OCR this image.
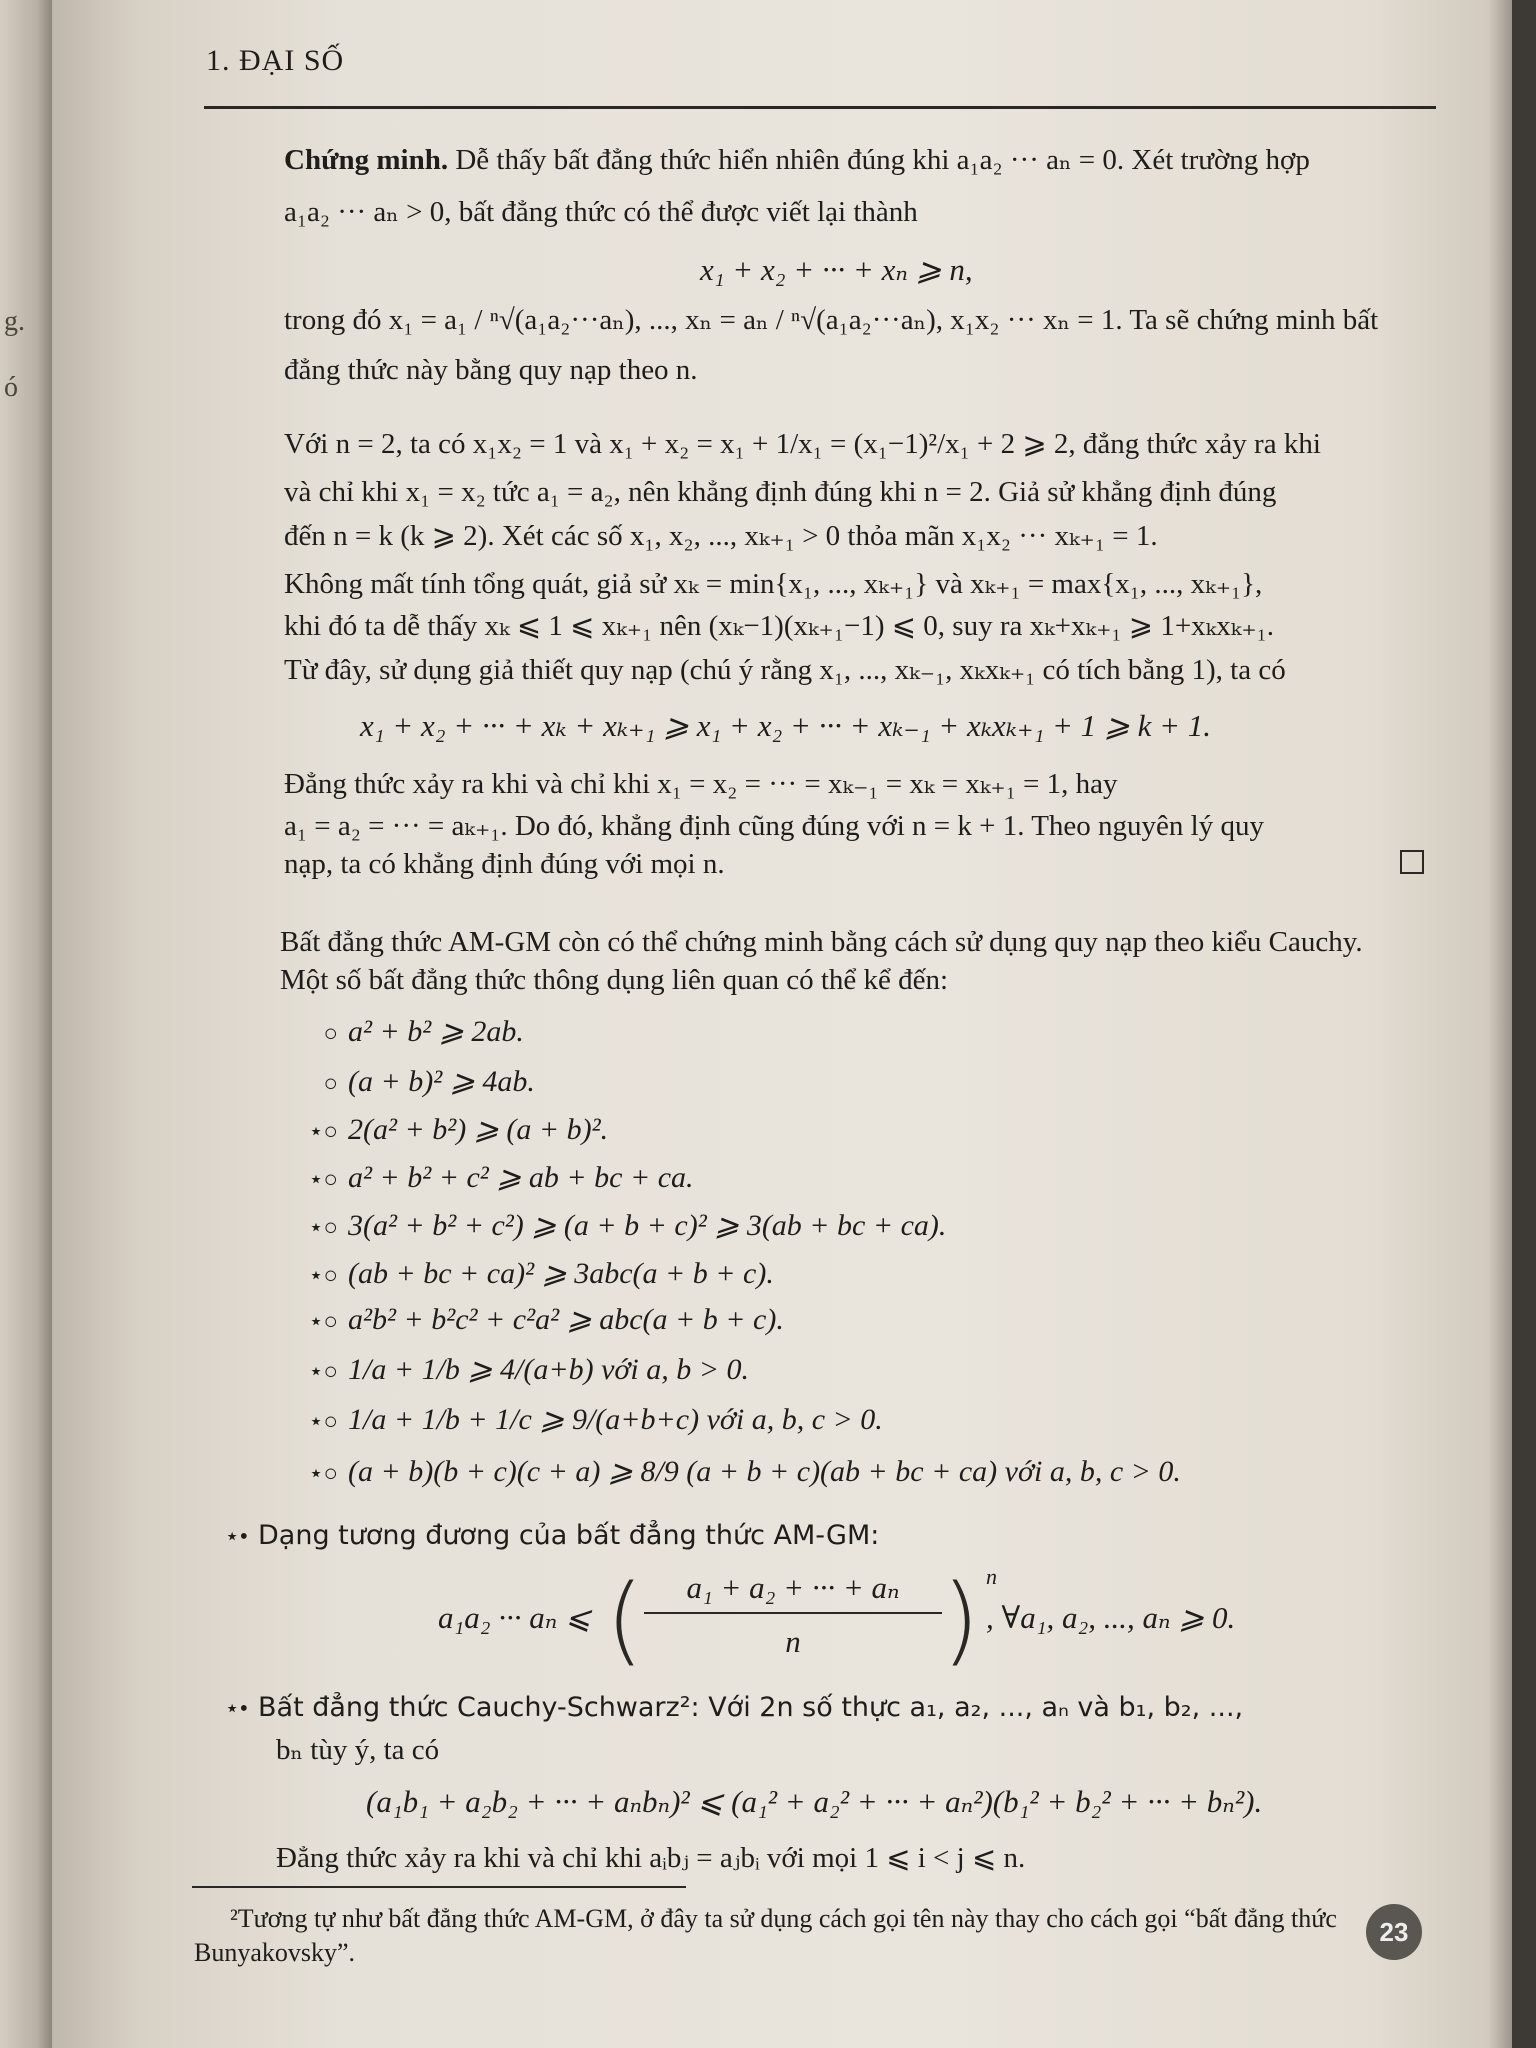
g.
ó
1. ĐẠI SỐ
Chứng minh. Dễ thấy bất đẳng thức hiển nhiên đúng khi a₁a₂ ··· aₙ = 0. Xét trường hợp
a₁a₂ ··· aₙ > 0, bất đẳng thức có thể được viết lại thành
x₁ + x₂ + ··· + xₙ ⩾ n,
trong đó x₁ = a₁ / ⁿ√(a₁a₂···aₙ), ..., xₙ = aₙ / ⁿ√(a₁a₂···aₙ), x₁x₂ ··· xₙ = 1. Ta sẽ chứng minh bất
đẳng thức này bằng quy nạp theo n.
Với n = 2, ta có x₁x₂ = 1 và x₁ + x₂ = x₁ + 1/x₁ = (x₁−1)²/x₁ + 2 ⩾ 2, đẳng thức xảy ra khi
và chỉ khi x₁ = x₂ tức a₁ = a₂, nên khẳng định đúng khi n = 2. Giả sử khẳng định đúng
đến n = k (k ⩾ 2). Xét các số x₁, x₂, ..., xₖ₊₁ > 0 thỏa mãn x₁x₂ ··· xₖ₊₁ = 1.
Không mất tính tổng quát, giả sử xₖ = min{x₁, ..., xₖ₊₁} và xₖ₊₁ = max{x₁, ..., xₖ₊₁},
khi đó ta dễ thấy xₖ ⩽ 1 ⩽ xₖ₊₁ nên (xₖ−1)(xₖ₊₁−1) ⩽ 0, suy ra xₖ+xₖ₊₁ ⩾ 1+xₖxₖ₊₁.
Từ đây, sử dụng giả thiết quy nạp (chú ý rằng x₁, ..., xₖ₋₁, xₖxₖ₊₁ có tích bằng 1), ta có
x₁ + x₂ + ··· + xₖ + xₖ₊₁ ⩾ x₁ + x₂ + ··· + xₖ₋₁ + xₖxₖ₊₁ + 1 ⩾ k + 1.
Đẳng thức xảy ra khi và chỉ khi x₁ = x₂ = ··· = xₖ₋₁ = xₖ = xₖ₊₁ = 1, hay
a₁ = a₂ = ··· = aₖ₊₁. Do đó, khẳng định cũng đúng với n = k + 1. Theo nguyên lý quy
nạp, ta có khẳng định đúng với mọi n.
Bất đẳng thức AM-GM còn có thể chứng minh bằng cách sử dụng quy nạp theo kiểu Cauchy.
Một số bất đẳng thức thông dụng liên quan có thể kể đến:
○ a² + b² ⩾ 2ab.
○ (a + b)² ⩾ 4ab.
⋆○ 2(a² + b²) ⩾ (a + b)².
⋆○ a² + b² + c² ⩾ ab + bc + ca.
⋆○ 3(a² + b² + c²) ⩾ (a + b + c)² ⩾ 3(ab + bc + ca).
⋆○ (ab + bc + ca)² ⩾ 3abc(a + b + c).
⋆○ a²b² + b²c² + c²a² ⩾ abc(a + b + c).
⋆○ 1/a + 1/b ⩾ 4/(a+b) với a, b > 0.
⋆○ 1/a + 1/b + 1/c ⩾ 9/(a+b+c) với a, b, c > 0.
⋆○ (a + b)(b + c)(c + a) ⩾ 8/9 (a + b + c)(ab + bc + ca) với a, b, c > 0.
⋆• Dạng tương đương của bất đẳng thức AM-GM:
a₁a₂ ··· aₙ ⩽ (	a₁ + a₂ + ··· + aₙ
n	) n
, ∀a₁, a₂, ..., aₙ ⩾ 0.
⋆• Bất đẳng thức Cauchy-Schwarz²: Với 2n số thực a₁, a₂, ..., aₙ và b₁, b₂, ...,
bₙ tùy ý, ta có
(a₁b₁ + a₂b₂ + ··· + aₙbₙ)² ⩽ (a₁² + a₂² + ··· + aₙ²)(b₁² + b₂² + ··· + bₙ²).
Đẳng thức xảy ra khi và chỉ khi aᵢbⱼ = aⱼbᵢ với mọi 1 ⩽ i < j ⩽ n.
²Tương tự như bất đẳng thức AM-GM, ở đây ta sử dụng cách gọi tên này thay cho cách gọi “bất đẳng thức
Bunyakovsky”.
23
